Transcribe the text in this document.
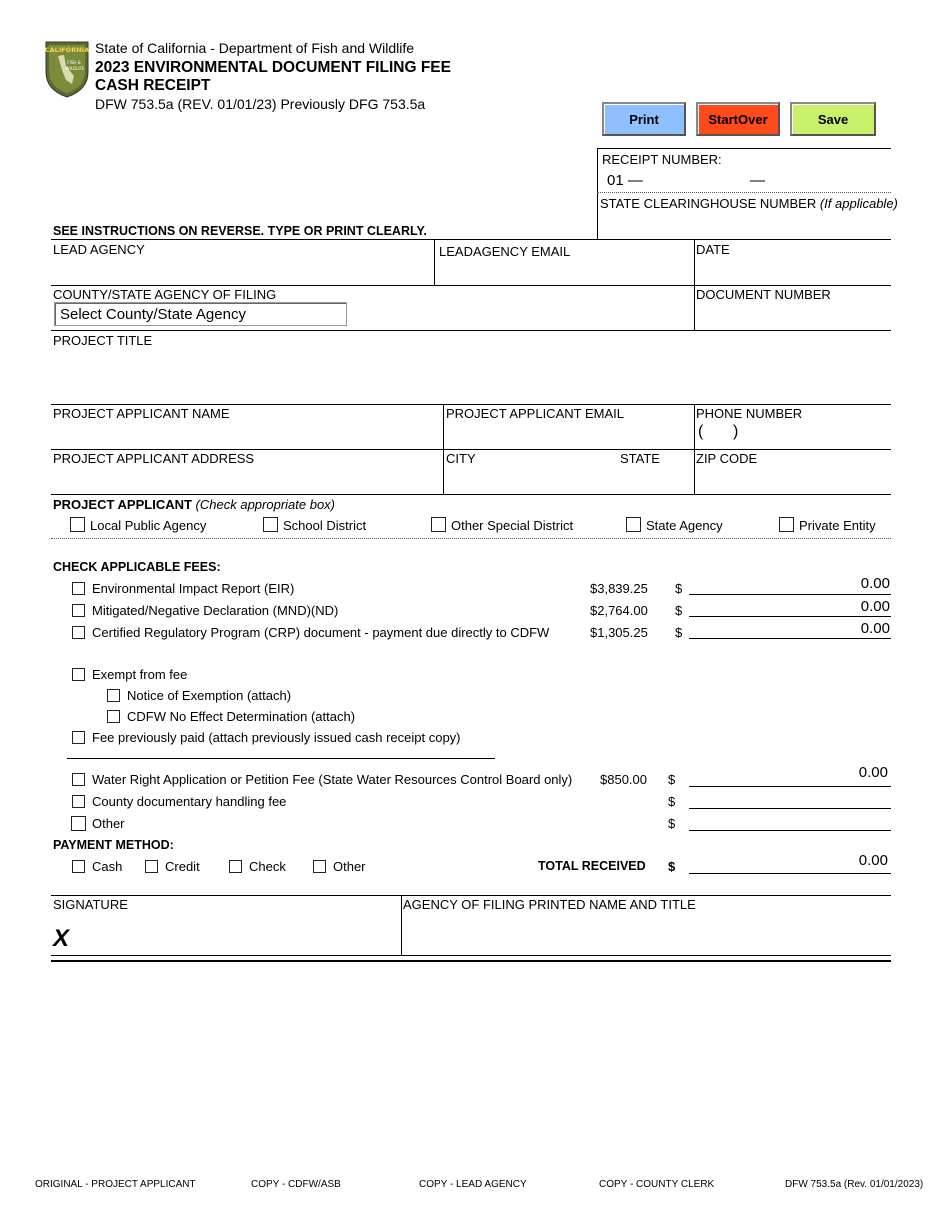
CALIFORNIA
FISH &
WILDLIFE
State of California - Department of Fish and Wildlife
2023 ENVIRONMENTAL DOCUMENT FILING FEE
CASH RECEIPT
DFW 753.5a (REV. 01/01/23) Previously DFG 753.5a
Print	StartOver	Save
RECEIPT NUMBER:
01 —	—
STATE CLEARINGHOUSE NUMBER (If applicable)
SEE INSTRUCTIONS ON REVERSE. TYPE OR PRINT CLEARLY.
LEAD AGENCY	LEADAGENCY EMAIL	DATE
COUNTY/STATE AGENCY OF FILING
Select County/State Agency
DOCUMENT NUMBER
PROJECT TITLE
PROJECT APPLICANT NAME	PROJECT APPLICANT EMAIL	PHONE NUMBER
( )
PROJECT APPLICANT ADDRESS	CITY	STATE	ZIP CODE
PROJECT APPLICANT (Check appropriate box)
Local Public Agency	School District	Other Special District	State Agency	Private Entity
CHECK APPLICABLE FEES:
Environmental Impact Report (EIR)	$3,839.25 $	0.00
Mitigated/Negative Declaration (MND)(ND)	$2,764.00 $	0.00
Certified Regulatory Program (CRP) document - payment due directly to CDFW	$1,305.25 $	0.00
Exempt from fee
Notice of Exemption (attach)
CDFW No Effect Determination (attach)
Fee previously paid (attach previously issued cash receipt copy)
Water Right Application or Petition Fee (State Water Resources Control Board only) $850.00 $	0.00
County documentary handling fee	$
Other	$
PAYMENT METHOD:
Cash	Credit	Check	Other	TOTAL RECEIVED $	0.00
SIGNATURE
X
AGENCY OF FILING PRINTED NAME AND TITLE
ORIGINAL - PROJECT APPLICANT	COPY - CDFW/ASB	COPY - LEAD AGENCY	COPY - COUNTY CLERK	DFW 753.5a (Rev. 01/01/2023)
